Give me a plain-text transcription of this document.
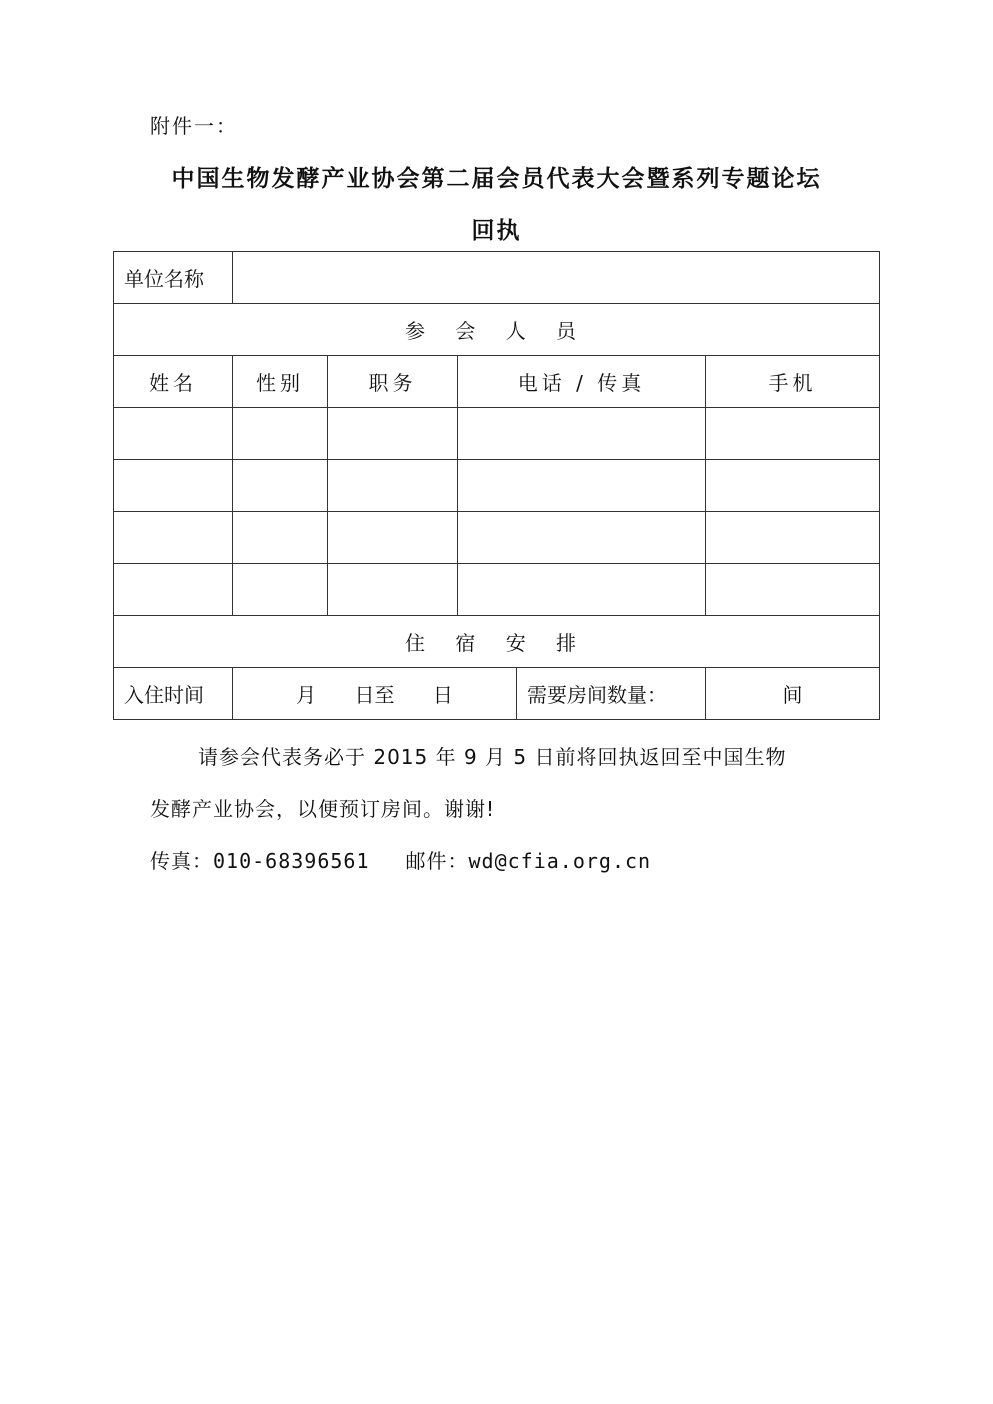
附件一：
中国生物发酵产业协会第二届会员代表大会暨系列专题论坛
回执
单位名称					
参 会 人 员					
姓名	性别	职务	电话 / 传真		手机

住 宿 安 排					
入住时间	月 日至 日			需要房间数量：	间
请参会代表务必于 2015 年 9 月 5 日前将回执返回至中国生物
发酵产业协会，以便预订房间。谢谢!
传真：010-68396561 邮件：wd@cfia.org.cn
